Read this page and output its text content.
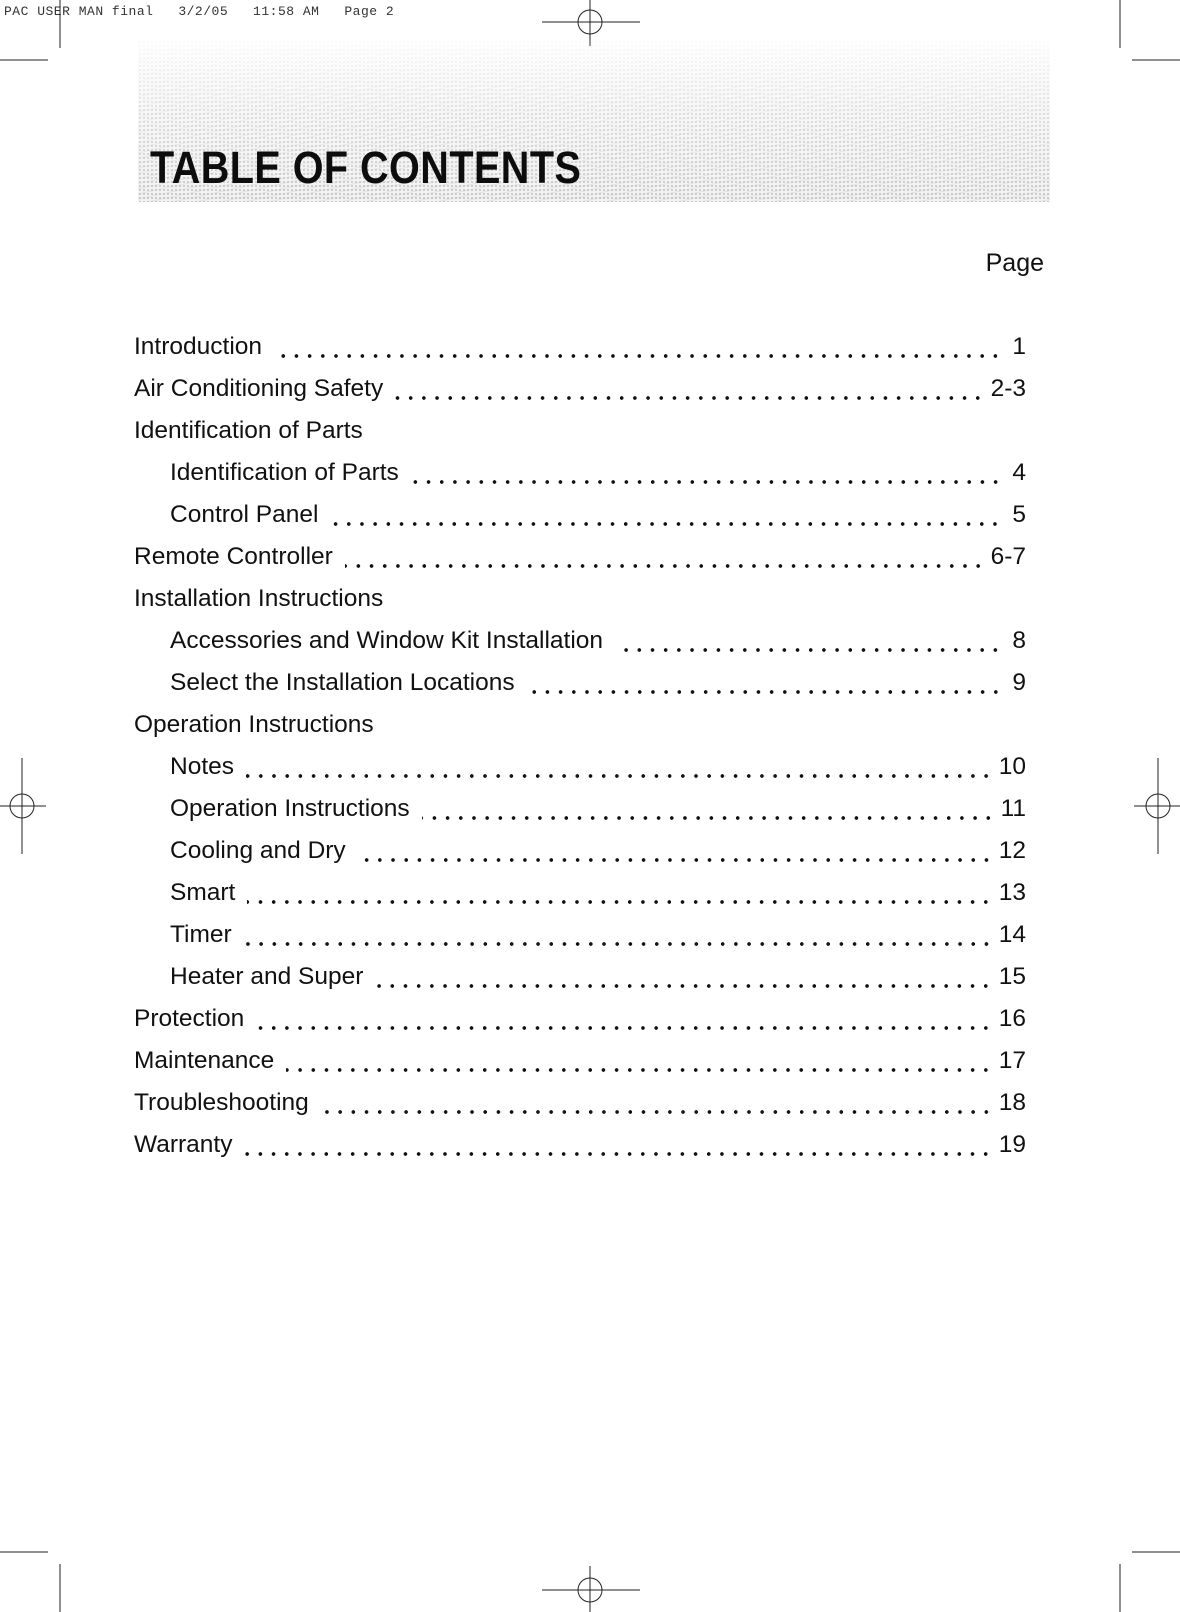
PAC USER MAN final   3/2/05   11:58 AM   Page 2
TABLE OF CONTENTS
Page
Introduction	1
Air Conditioning Safety	2-3
Identification of Parts
Identification of Parts	4
Control Panel	5
Remote Controller	6-7
Installation Instructions
Accessories and Window Kit Installation	8
Select the Installation Locations	9
Operation Instructions
Notes	10
Operation Instructions	11
Cooling and Dry	12
Smart	13
Timer	14
Heater and Super	15
Protection	16
Maintenance	17
Troubleshooting	18
Warranty	19
